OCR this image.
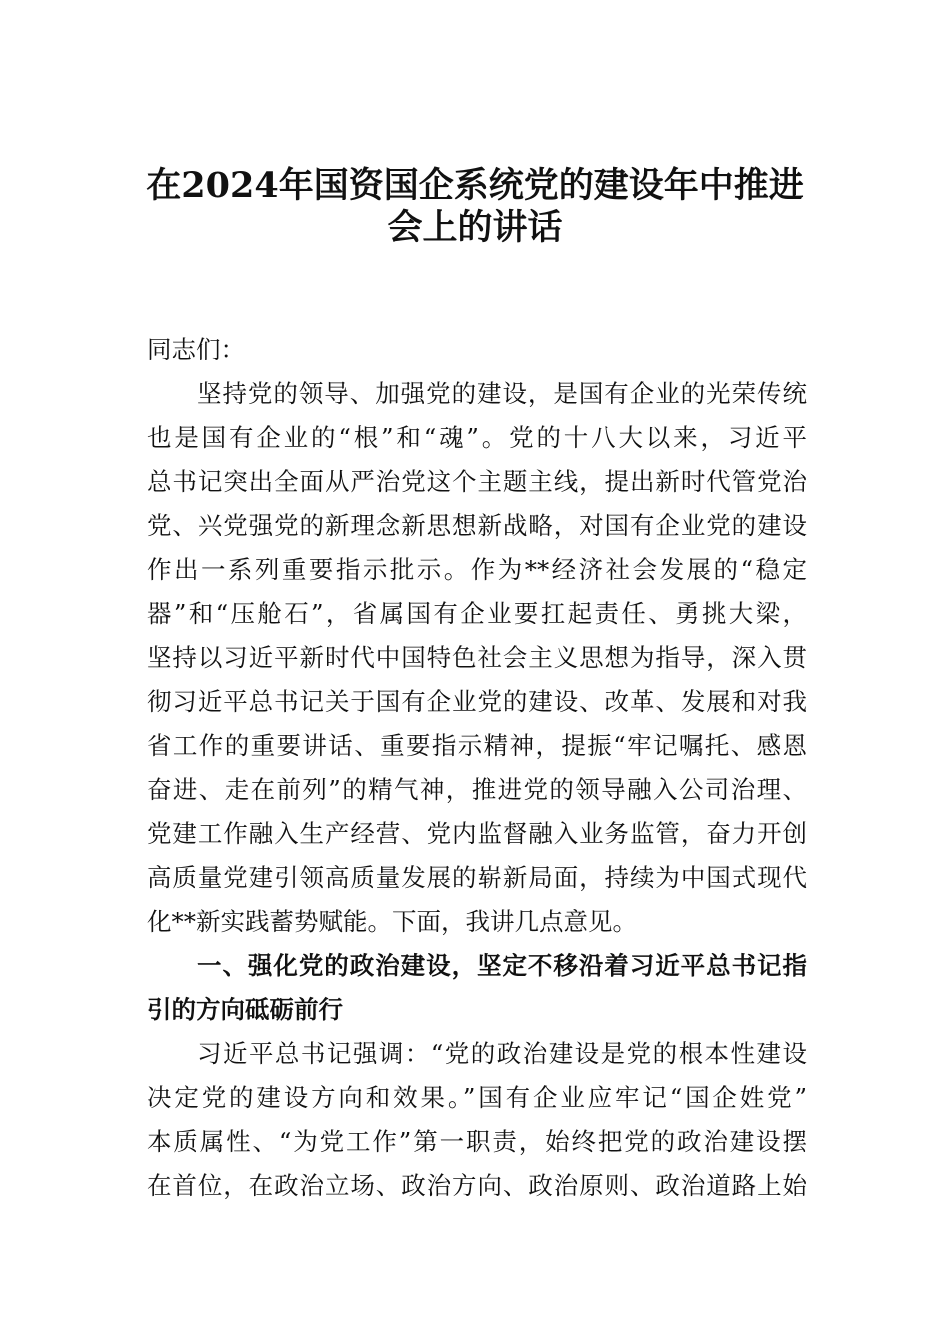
在2024年国资国企系统党的建设年中推进
会上的讲话
同志们：
坚持党的领导、加强党的建设，是国有企业的光荣传统
也是国有企业的“根”和“魂”。党的十八大以来，习近平
总书记突出全面从严治党这个主题主线，提出新时代管党治
党、兴党强党的新理念新思想新战略，对国有企业党的建设
作出一系列重要指示批示。作为**经济社会发展的“稳定
器”和“压舱石”，省属国有企业要扛起责任、勇挑大梁，
坚持以习近平新时代中国特色社会主义思想为指导，深入贯
彻习近平总书记关于国有企业党的建设、改革、发展和对我
省工作的重要讲话、重要指示精神，提振“牢记嘱托、感恩
奋进、走在前列”的精气神，推进党的领导融入公司治理、
党建工作融入生产经营、党内监督融入业务监管，奋力开创
高质量党建引领高质量发展的崭新局面，持续为中国式现代
化**新实践蓄势赋能。下面，我讲几点意见。
一、强化党的政治建设，坚定不移沿着习近平总书记指
引的方向砥砺前行
习近平总书记强调：“党的政治建设是党的根本性建设
决定党的建设方向和效果。”国有企业应牢记“国企姓党”
本质属性、“为党工作”第一职责，始终把党的政治建设摆
在首位，在政治立场、政治方向、政治原则、政治道路上始
